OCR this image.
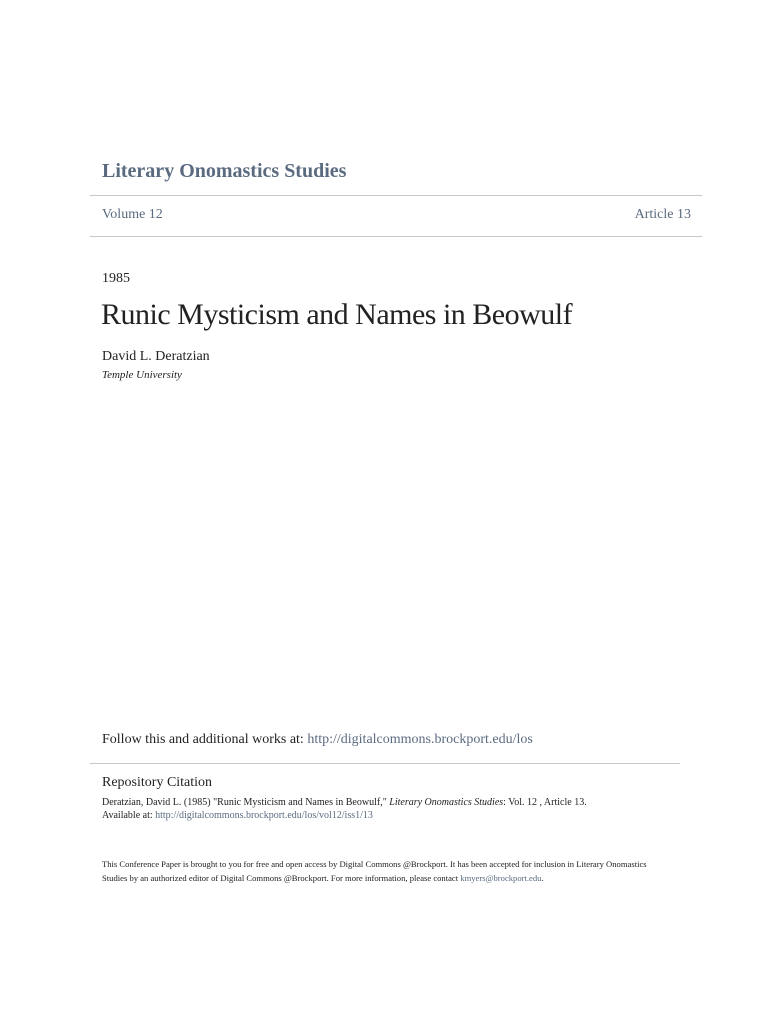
Literary Onomastics Studies
Volume 12	Article 13
1985
Runic Mysticism and Names in Beowulf
David L. Deratzian
Temple University
Follow this and additional works at: http://digitalcommons.brockport.edu/los
Repository Citation
Deratzian, David L. (1985) "Runic Mysticism and Names in Beowulf," Literary Onomastics Studies: Vol. 12 , Article 13.
Available at: http://digitalcommons.brockport.edu/los/vol12/iss1/13
This Conference Paper is brought to you for free and open access by Digital Commons @Brockport. It has been accepted for inclusion in Literary Onomastics Studies by an authorized editor of Digital Commons @Brockport. For more information, please contact kmyers@brockport.edu.
